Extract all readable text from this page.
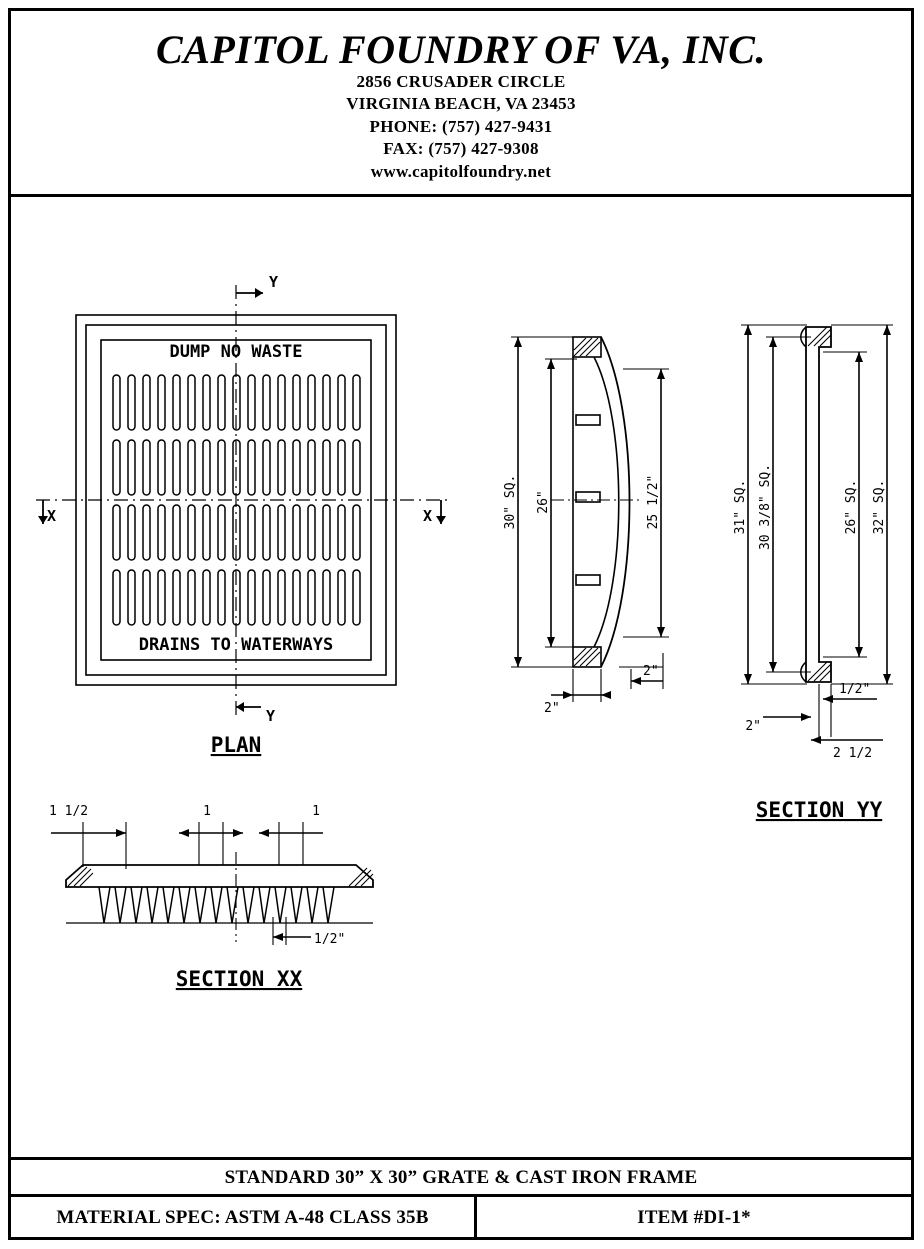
CAPITOL FOUNDRY OF VA, INC.
2856 CRUSADER CIRCLE
VIRGINIA BEACH, VA 23453
PHONE: (757) 427-9431
FAX: (757) 427-9308
www.capitolfoundry.net
DUMP NO WASTE
DRAINS TO WATERWAYS
Y
Y
X	X
PLAN
30" SQ. 26"	25 1/2"
2"
2"
31" SQ. 30 3/8" SQ.	26" SQ. 32" SQ.
2"
1/2"
2 1/2
SECTION YY
1 1/2	1	1
1/2"
SECTION XX
STANDARD 30” X 30” GRATE & CAST IRON FRAME
MATERIAL SPEC: ASTM A-48 CLASS 35B	ITEM #DI-1*
